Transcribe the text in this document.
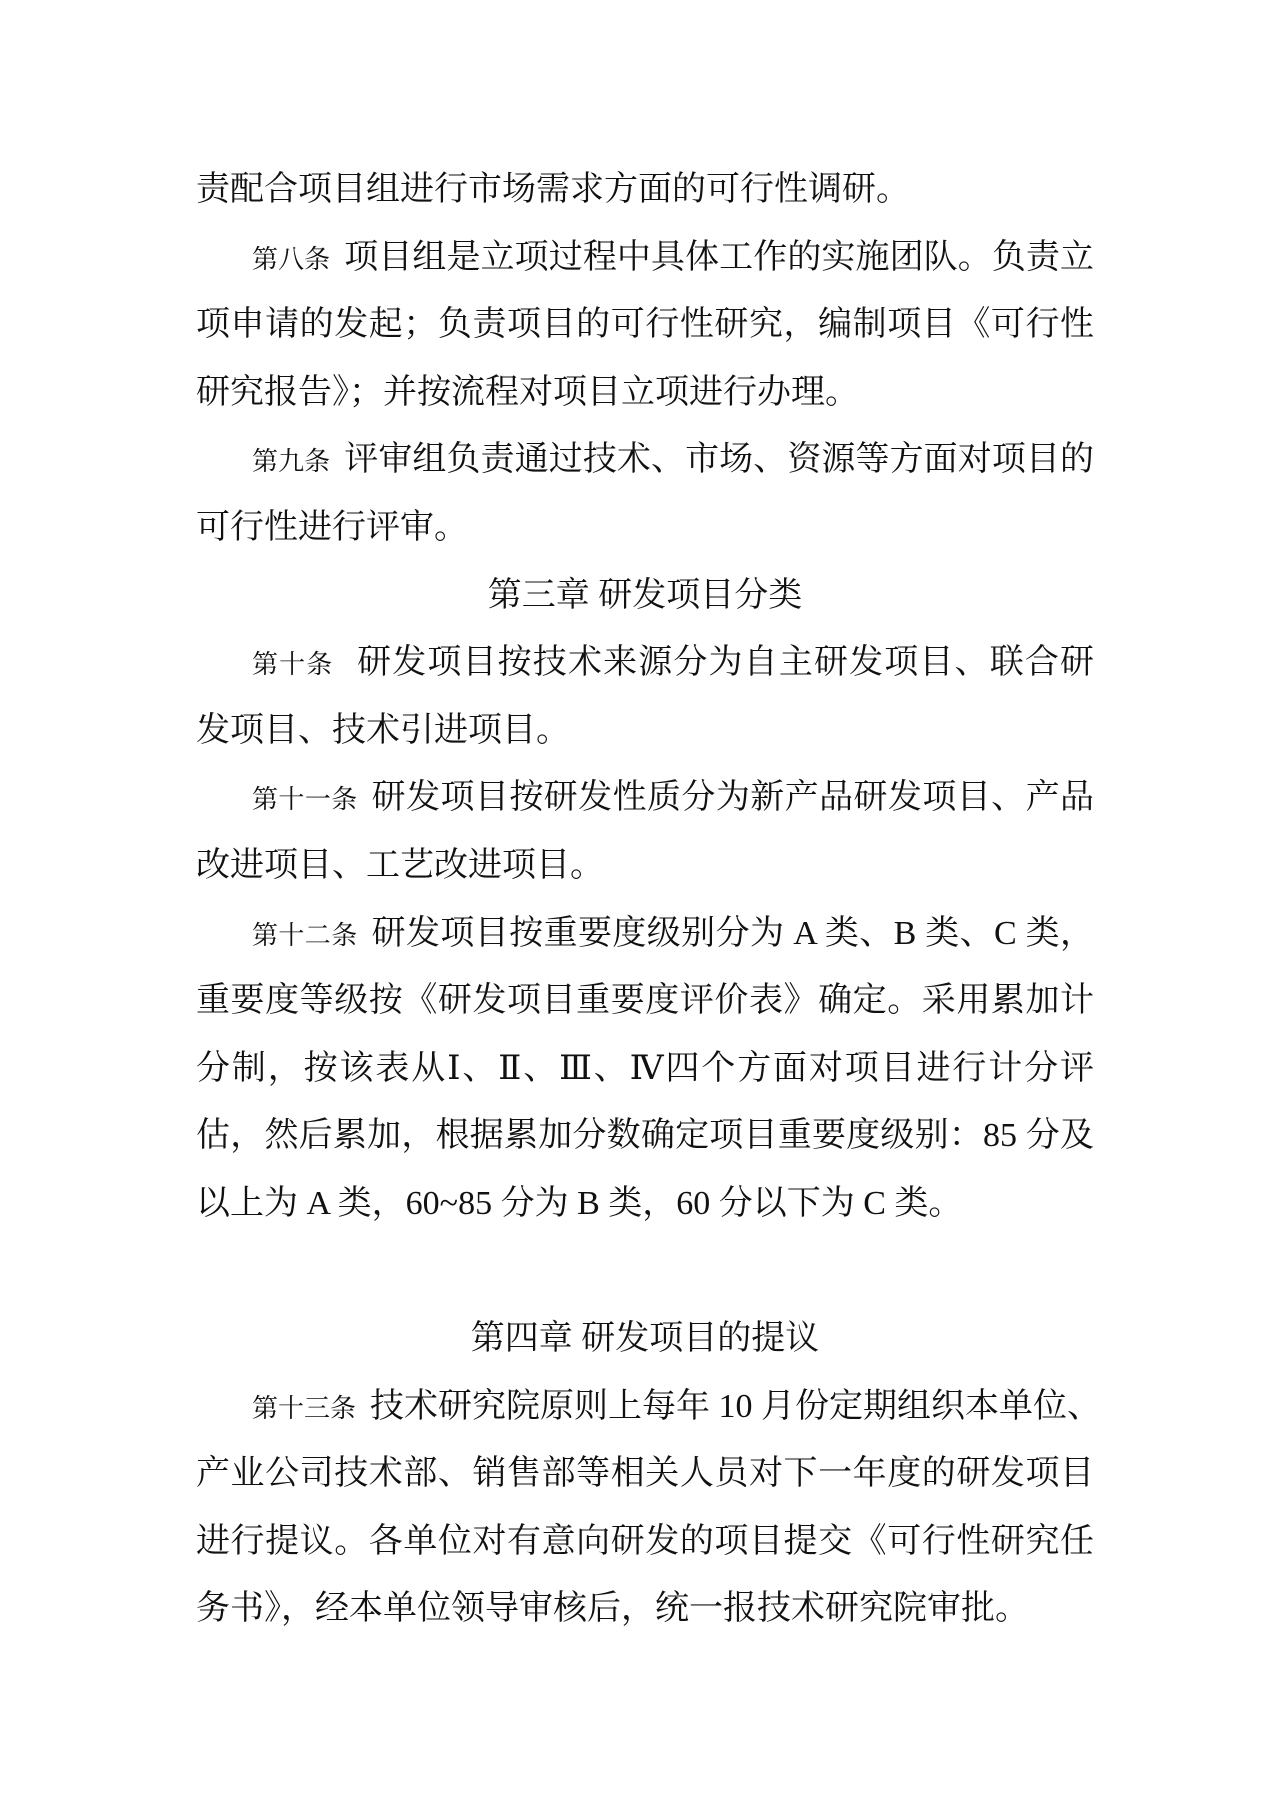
责配合项目组进行市场需求方面的可行性调研。
第八条 项目组是立项过程中具体工作的实施团队。负责立
项申请的发起；负责项目的可行性研究，编制项目《可行性
研究报告》；并按流程对项目立项进行办理。
第九条 评审组负责通过技术、市场、资源等方面对项目的
可行性进行评审。
第三章 研发项目分类
第十条 研发项目按技术来源分为自主研发项目、联合研
发项目、技术引进项目。
第十一条 研发项目按研发性质分为新产品研发项目、产品
改进项目、工艺改进项目。
第十二条 研发项目按重要度级别分为 A 类、B 类、C 类，
重要度等级按《研发项目重要度评价表》确定。采用累加计
分制，按该表从Ⅰ、Ⅱ、Ⅲ、Ⅳ四个方面对项目进行计分评
估，然后累加，根据累加分数确定项目重要度级别：85 分及
以上为 A 类，60~85 分为 B 类，60 分以下为 C 类。
第四章 研发项目的提议
第十三条 技术研究院原则上每年 10 月份定期组织本单位、
产业公司技术部、销售部等相关人员对下一年度的研发项目
进行提议。各单位对有意向研发的项目提交《可行性研究任
务书》，经本单位领导审核后，统一报技术研究院审批。
